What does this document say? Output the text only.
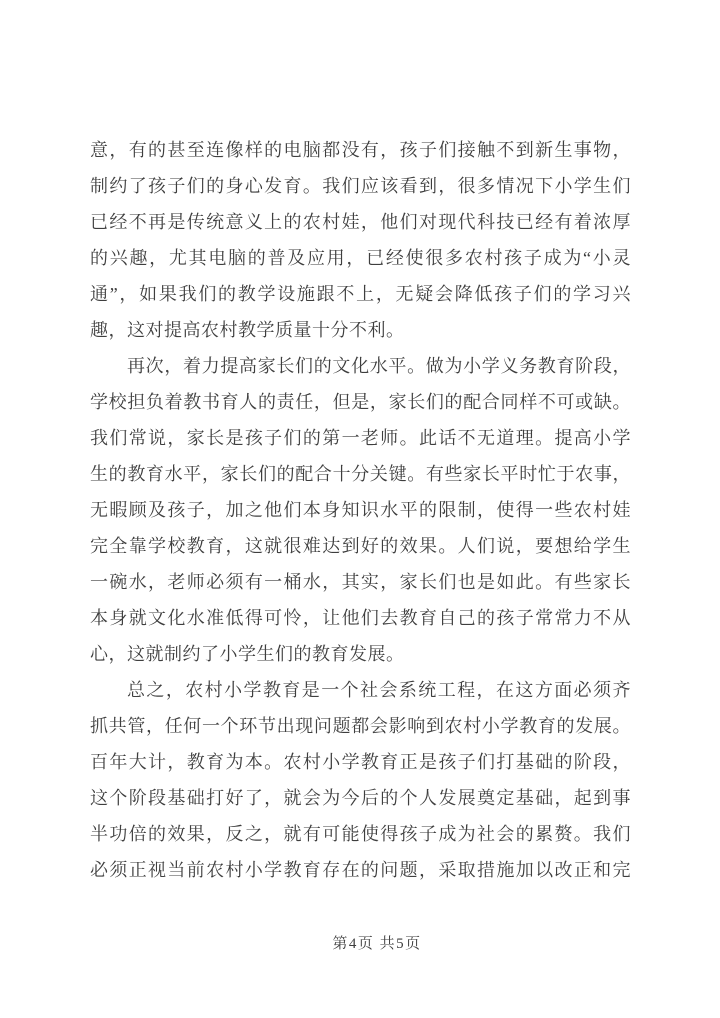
意，有的甚至连像样的电脑都没有，孩子们接触不到新生事物，
制约了孩子们的身心发育。我们应该看到，很多情况下小学生们
已经不再是传统意义上的农村娃，他们对现代科技已经有着浓厚
的兴趣，尤其电脑的普及应用，已经使很多农村孩子成为“小灵
通”，如果我们的教学设施跟不上，无疑会降低孩子们的学习兴
趣，这对提高农村教学质量十分不利。
再次，着力提高家长们的文化水平。做为小学义务教育阶段，
学校担负着教书育人的责任，但是，家长们的配合同样不可或缺。
我们常说，家长是孩子们的第一老师。此话不无道理。提高小学
生的教育水平，家长们的配合十分关键。有些家长平时忙于农事，
无暇顾及孩子，加之他们本身知识水平的限制，使得一些农村娃
完全靠学校教育，这就很难达到好的效果。人们说，要想给学生
一碗水，老师必须有一桶水，其实，家长们也是如此。有些家长
本身就文化水准低得可怜，让他们去教育自己的孩子常常力不从
心，这就制约了小学生们的教育发展。
总之，农村小学教育是一个社会系统工程，在这方面必须齐
抓共管，任何一个环节出现问题都会影响到农村小学教育的发展。
百年大计，教育为本。农村小学教育正是孩子们打基础的阶段，
这个阶段基础打好了，就会为今后的个人发展奠定基础，起到事
半功倍的效果，反之，就有可能使得孩子成为社会的累赘。我们
必须正视当前农村小学教育存在的问题，采取措施加以改正和完
第4页 共5页
